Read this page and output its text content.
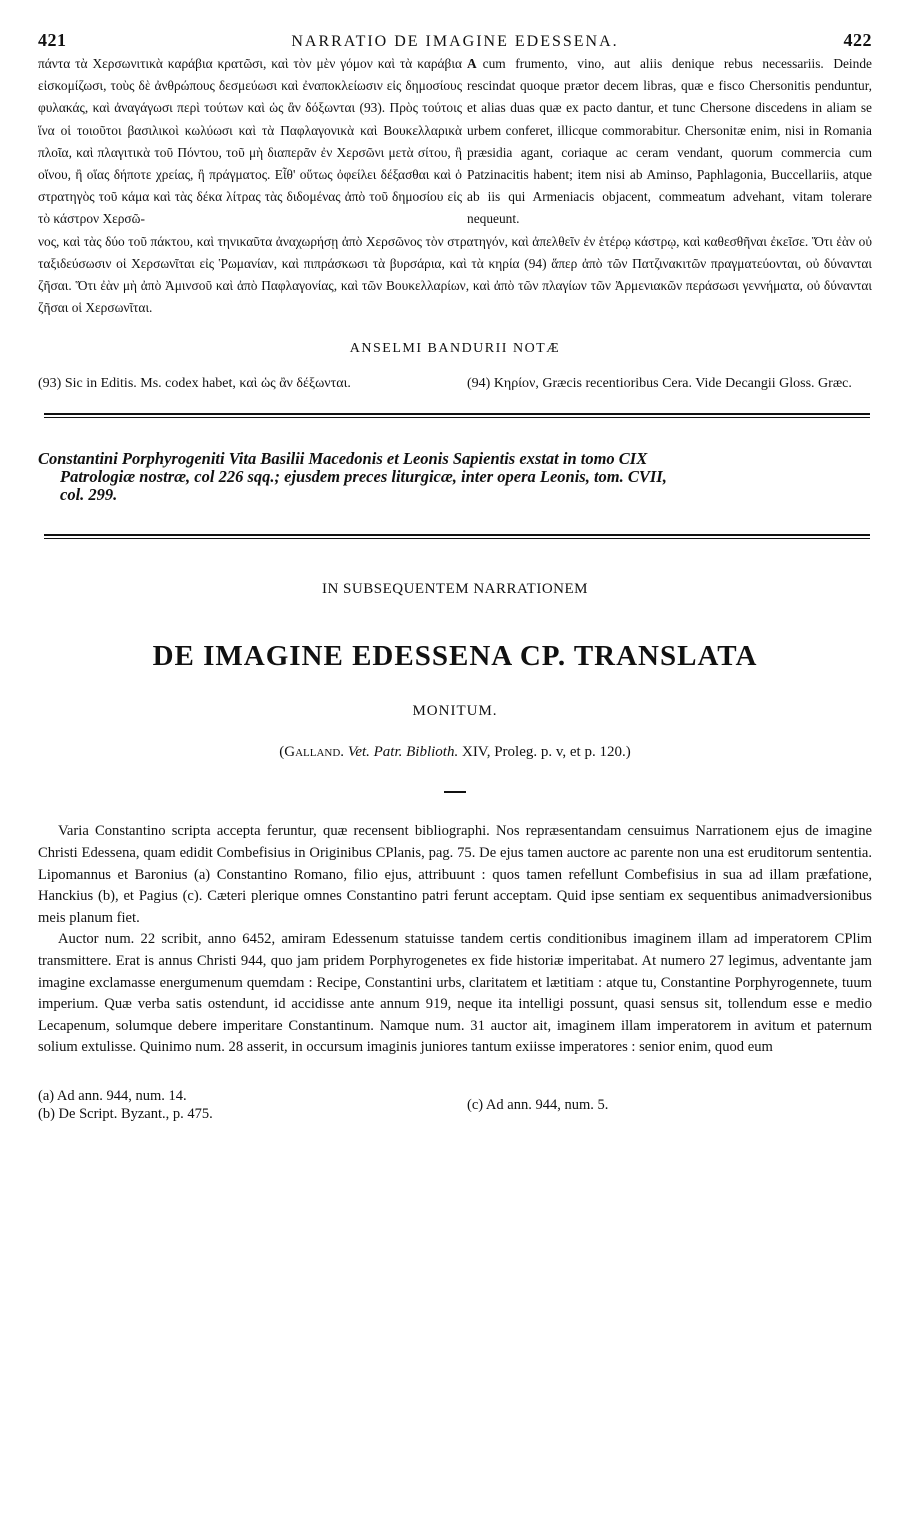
421	NARRATIO DE IMAGINE EDESSENA.	422
πάντα τὰ Χερσωνιτικὰ καράβια κρατῶσι, καὶ τὸν μὲν γόμον καὶ τὰ καράβια εἰσκομίζωσι, τοὺς δὲ ἀνθρώπους δεσμεύωσι καὶ ἐναποκλείωσιν εἰς δημοσίους φυλακάς, καὶ ἀναγάγωσι περὶ τούτων καὶ ὡς ἂν δόξωνται (93). Πρὸς τούτοις ἵνα οἱ τοιοῦτοι βασιλικοὶ κωλύωσι καὶ τὰ Παφλαγονικὰ καὶ Βουκελλαρικὰ πλοῖα, καὶ πλαγιτικὰ τοῦ Πόντου, τοῦ μὴ διαπερᾶν ἐν Χερσῶνι μετὰ σίτου, ἢ οἴνου, ἢ οἵας δήποτε χρείας, ἢ πράγματος. Εἶθ' οὕτως ὀφείλει δέξασθαι καὶ ὁ στρατηγὸς τοῦ κάμα καὶ τὰς δέκα λίτρας τὰς διδομένας ἀπὸ τοῦ δημοσίου εἰς τὸ κάστρον Χερσῶ-
A cum frumento, vino, aut aliis denique rebus necessariis. Deinde rescindat quoque prætor decem libras, quæ e fisco Chersonitis penduntur, et alias duas quæ ex pacto dantur, et tunc Chersone discedens in aliam se urbem conferet, illicque commorabitur. Chersonitæ enim, nisi in Romania præsidia agant, coriaque ac ceram vendant, quorum commercia cum Patzinacitis habent; item nisi ab Aminso, Paphlagonia, Buccellariis, atque ab iis qui Armeniacis objacent, commeatum advehant, vitam tolerare nequeunt.
νος, καὶ τὰς δύο τοῦ πάκτου, καὶ τηνικαῦτα ἀναχωρήσῃ ἀπὸ Χερσῶνος τὸν στρατηγόν, καὶ ἀπελθεῖν ἐν ἑτέρῳ κάστρῳ, καὶ καθεσθῆναι ἐκεῖσε. Ὅτι ἐὰν οὐ ταξιδεύσωσιν οἱ Χερσωνῖται εἰς Ῥωμανίαν, καὶ πιπράσκωσι τὰ βυρσάρια, καὶ τὰ κηρία (94) ἅπερ ἀπὸ τῶν Πατζινακιτῶν πραγματεύονται, οὐ δύνανται ζῆσαι. Ὅτι ἐὰν μὴ ἀπὸ Ἀμινσοῦ καὶ ἀπὸ Παφλαγονίας, καὶ τῶν Βουκελλαρίων, καὶ ἀπὸ τῶν πλαγίων τῶν Ἀρμενιακῶν περάσωσι γεννήματα, οὐ δύνανται ζῆσαι οἱ Χερσωνῖται.
ANSELMI BANDURII NOTÆ
(93) Sic in Editis. Ms. codex habet, καὶ ὡς ἂν δέξωνται.	(94) Κηρίον, Græcis recentioribus Cera. Vide Decangii Gloss. Græc.
Constantini Porphyrogeniti Vita Basilii Macedonis et Leonis Sapientis exstat in tomo CIX
Patrologiæ nostræ, col 226 sqq.; ejusdem preces liturgicæ, inter opera Leonis, tom. CVII,
col. 299.
IN SUBSEQUENTEM NARRATIONEM
DE IMAGINE EDESSENA CP. TRANSLATA
MONITUM.
(Galland. Vet. Patr. Biblioth. XIV, Proleg. p. v, et p. 120.)

Varia Constantino scripta accepta feruntur, quæ recensent bibliographi. Nos repræsentandam censuimus Narrationem ejus de imagine Christi Edessena, quam edidit Combefisius in Originibus CPlanis, pag. 75. De ejus tamen auctore ac parente non una est eruditorum sententia. Lipomannus et Baronius (a) Constantino Romano, filio ejus, attribuunt : quos tamen refellunt Combefisius in sua ad illam præfatione, Hanckius (b), et Pagius (c). Cæteri plerique omnes Constantino patri ferunt acceptam. Quid ipse sentiam ex sequentibus animadversionibus meis planum fiet.

Auctor num. 22 scribit, anno 6452, amiram Edessenum statuisse tandem certis conditionibus imaginem illam ad imperatorem CPlim transmittere. Erat is annus Christi 944, quo jam pridem Porphyrogenetes ex fide historiæ imperitabat. At numero 27 legimus, adventante jam imagine exclamasse energumenum quemdam : Recipe, Constantini urbs, claritatem et lætitiam : atque tu, Constantine Porphyrogennete, tuum imperium. Quæ verba satis ostendunt, id accidisse ante annum 919, neque ita intelligi possunt, quasi sensus sit, tollendum esse e medio Lecapenum, solumque debere imperitare Constantinum. Namque num. 31 auctor ait, imaginem illam imperatorem in avitum et paternum solium extulisse. Quinimo num. 28 asserit, in occursum imaginis juniores tantum exiisse imperatores : senior enim, quod eum

(a) Ad ann. 944, num. 14.
(b) De Script. Byzant., p. 475.
(c) Ad ann. 944, num. 5.
